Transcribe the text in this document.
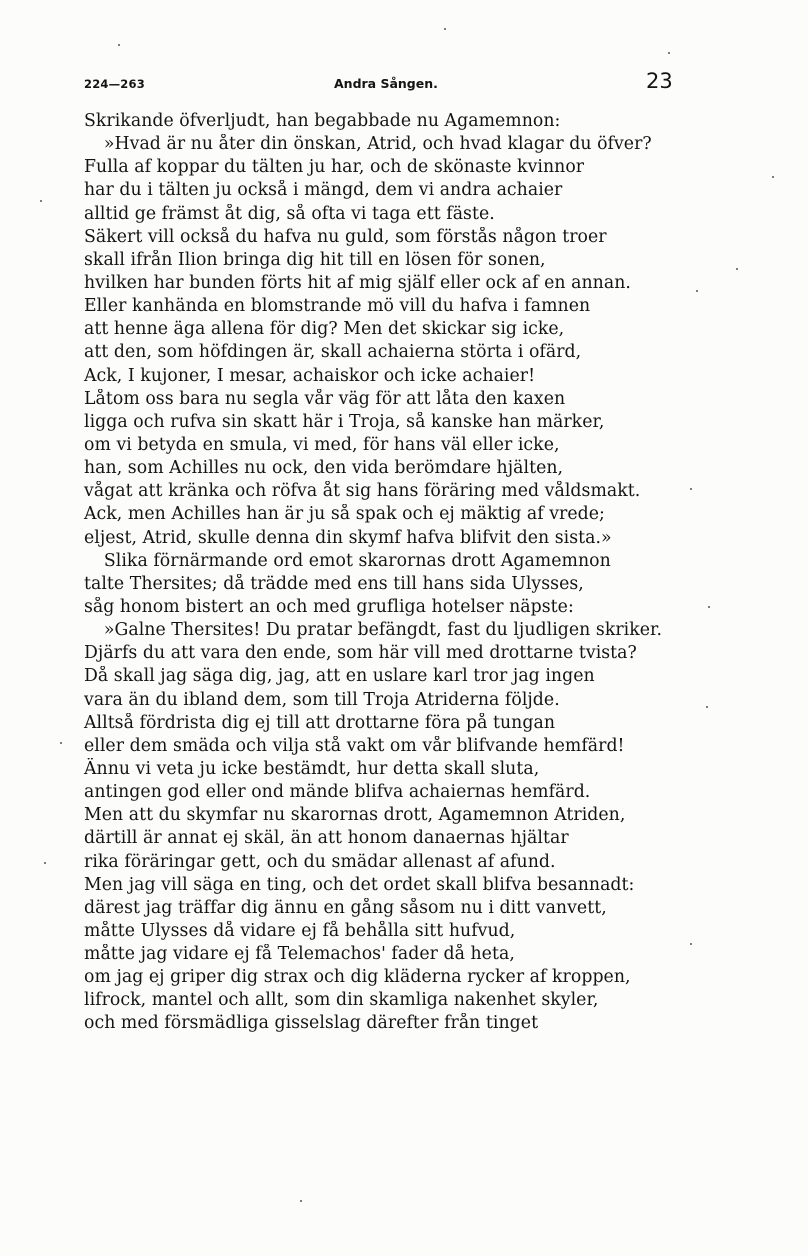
224—263	Andra Sången.	23
Skrikande öfverljudt, han begabbade nu Agamemnon:
»Hvad är nu åter din önskan, Atrid, och hvad klagar du öfver?
Fulla af koppar du tälten ju har, och de skönaste kvinnor
har du i tälten ju också i mängd, dem vi andra achaier
alltid ge främst åt dig, så ofta vi taga ett fäste.
Säkert vill också du hafva nu guld, som förstås någon troer
skall ifrån Ilion bringa dig hit till en lösen för sonen,
hvilken har bunden förts hit af mig själf eller ock af en annan.
Eller kanhända en blomstrande mö vill du hafva i famnen
att henne äga allena för dig? Men det skickar sig icke,
att den, som höfdingen är, skall achaierna störta i ofärd,
Ack, I kujoner, I mesar, achaiskor och icke achaier!
Låtom oss bara nu segla vår väg för att låta den kaxen
ligga och rufva sin skatt här i Troja, så kanske han märker,
om vi betyda en smula, vi med, för hans väl eller icke,
han, som Achilles nu ock, den vida berömdare hjälten,
vågat att kränka och röfva åt sig hans föräring med våldsmakt.
Ack, men Achilles han är ju så spak och ej mäktig af vrede;
eljest, Atrid, skulle denna din skymf hafva blifvit den sista.»
Slika förnärmande ord emot skarornas drott Agamemnon
talte Thersites; då trädde med ens till hans sida Ulysses,
såg honom bistert an och med grufliga hotelser näpste:
»Galne Thersites! Du pratar befängdt, fast du ljudligen skriker.
Djärfs du att vara den ende, som här vill med drottarne tvista?
Då skall jag säga dig, jag, att en uslare karl tror jag ingen
vara än du ibland dem, som till Troja Atriderna följde.
Alltså fördrista dig ej till att drottarne föra på tungan
eller dem smäda och vilja stå vakt om vår blifvande hemfärd!
Ännu vi veta ju icke bestämdt, hur detta skall sluta,
antingen god eller ond mände blifva achaiernas hemfärd.
Men att du skymfar nu skarornas drott, Agamemnon Atriden,
därtill är annat ej skäl, än att honom danaernas hjältar
rika föräringar gett, och du smädar allenast af afund.
Men jag vill säga en ting, och det ordet skall blifva besannadt:
därest jag träffar dig ännu en gång såsom nu i ditt vanvett,
måtte Ulysses då vidare ej få behålla sitt hufvud,
måtte jag vidare ej få Telemachos' fader då heta,
om jag ej griper dig strax och dig kläderna rycker af kroppen,
lifrock, mantel och allt, som din skamliga nakenhet skyler,
och med försmädliga gisselslag därefter från tinget
